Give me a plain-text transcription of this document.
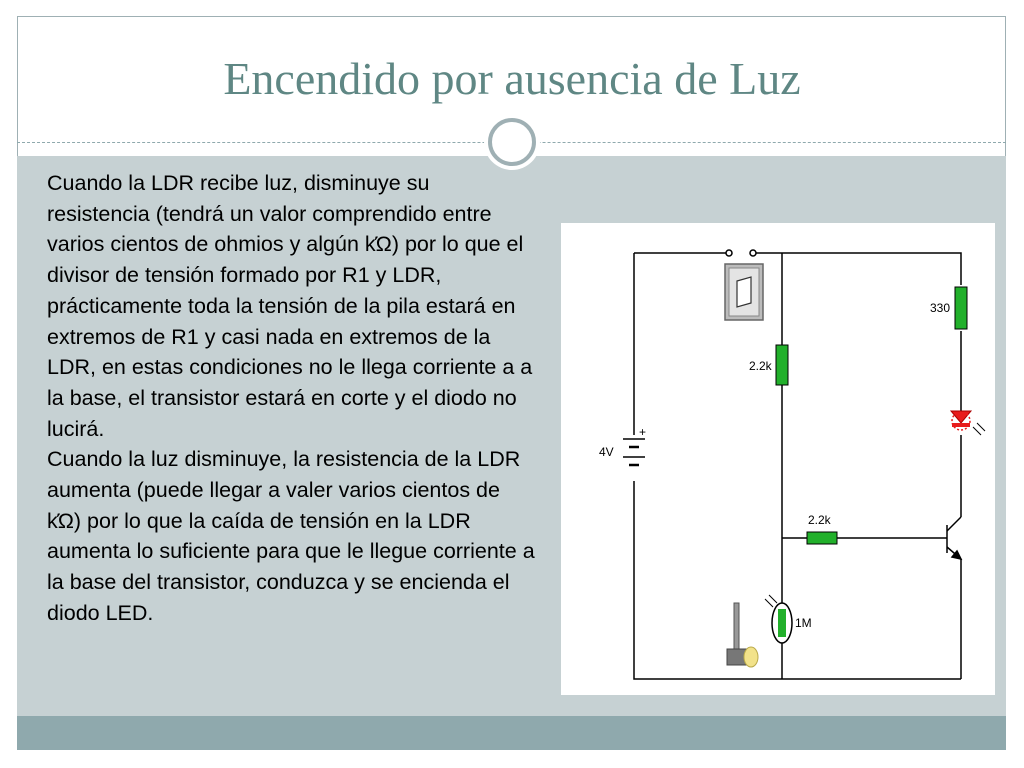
Encendido por ausencia de Luz

Cuando la LDR recibe luz, disminuye su resistencia (tendrá un valor comprendido entre varios cientos de ohmios y algún kΏ) por lo que el divisor de tensión formado por R1 y LDR, prácticamente toda la tensión de la pila estará en extremos de R1 y casi nada en extremos de la LDR, en estas condiciones no le llega corriente a a la base, el transistor estará en corte y el diodo no lucirá.

Cuando la luz disminuye, la resistencia de la LDR aumenta (puede llegar a valer varios cientos de kΏ) por lo que la caída de tensión en la LDR aumenta lo suficiente para que le llegue corriente a la base del transistor, conduzca y se encienda el diodo LED.

4V
+
2.2k
330
2.2k
1M
